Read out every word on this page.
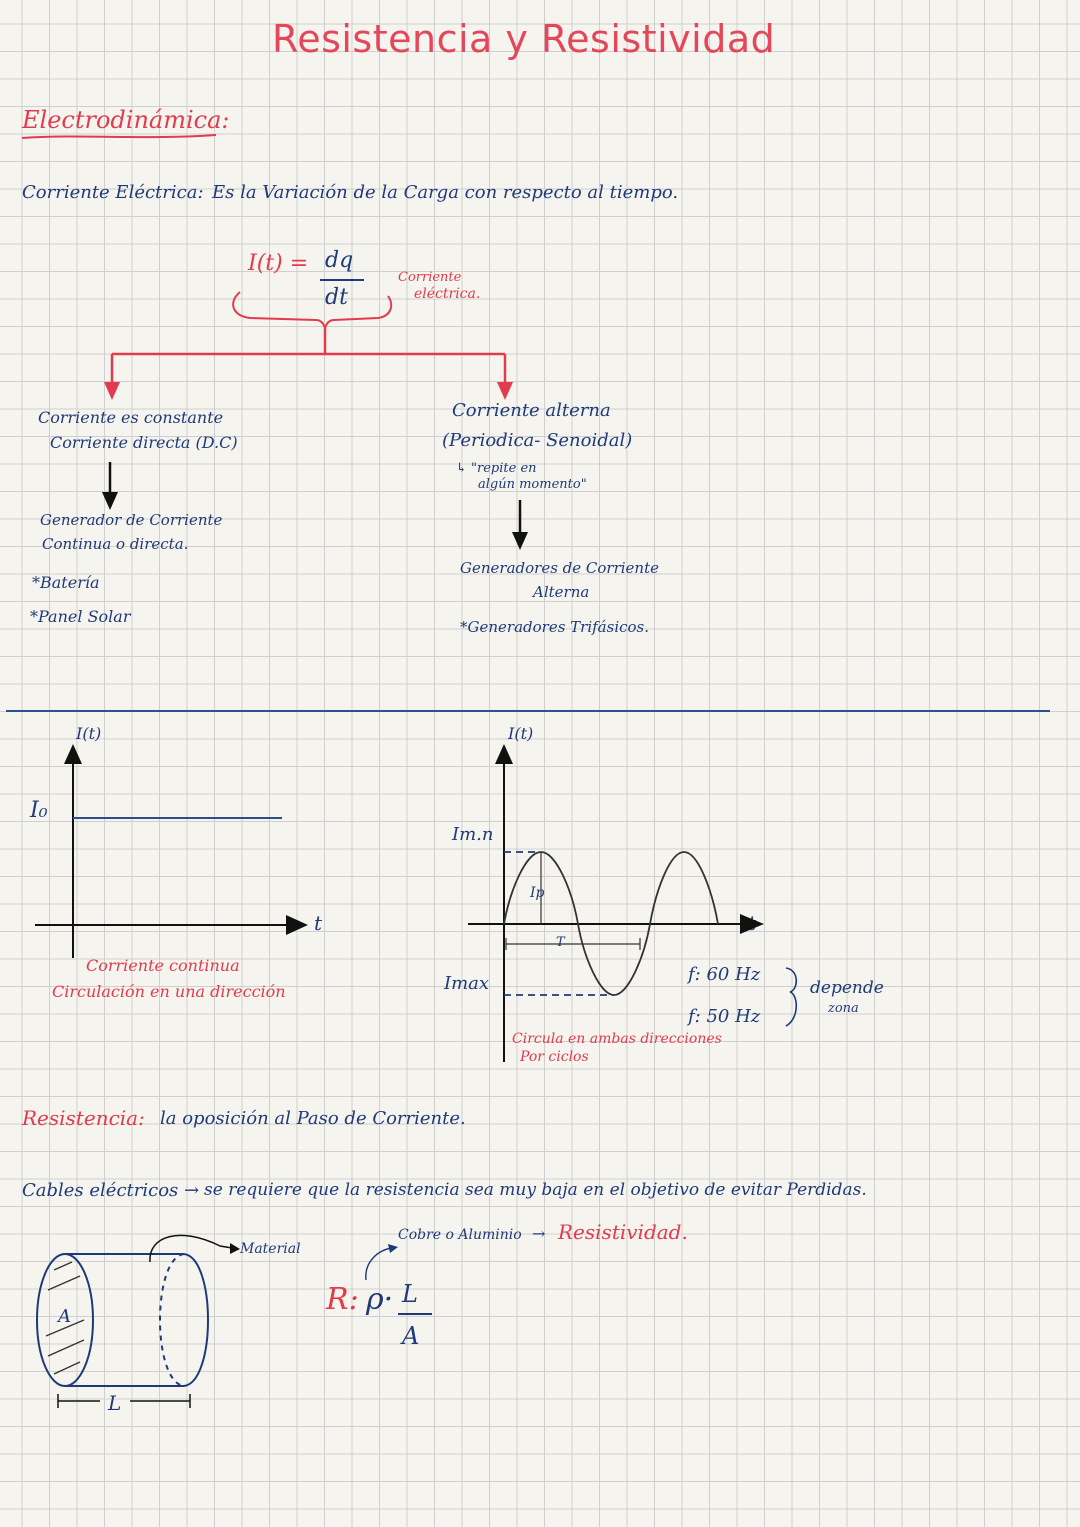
Resistencia y Resistividad
Electrodinámica:
Corriente Eléctrica: Es la Variación de la Carga con respecto al tiempo.
I(t) = dq
dt
Corriente
eléctrica.
Corriente es constante
Corriente directa (D.C)
Generador de Corriente
Continua o directa.
*Batería
*Panel Solar
Corriente alterna
(Periodica- Senoidal)
↳ "repite en
algún momento"
Generadores de Corriente
Alterna
*Generadores Trifásicos.
I(t)
t
I₀
Corriente continua
Circulación en una dirección
I(t)
Im.n
Ip
T
Imax	f: 60 Hz
f: 50 Hz
depende
zona
Circula en ambas direcciones
Por ciclos
Resistencia: la oposición al Paso de Corriente.
Cables eléctricos → se requiere que la resistencia sea muy baja en el objetivo de evitar Perdidas.
Material
A
L
Cobre o Aluminio → Resistividad.
R: ρ· L
A
